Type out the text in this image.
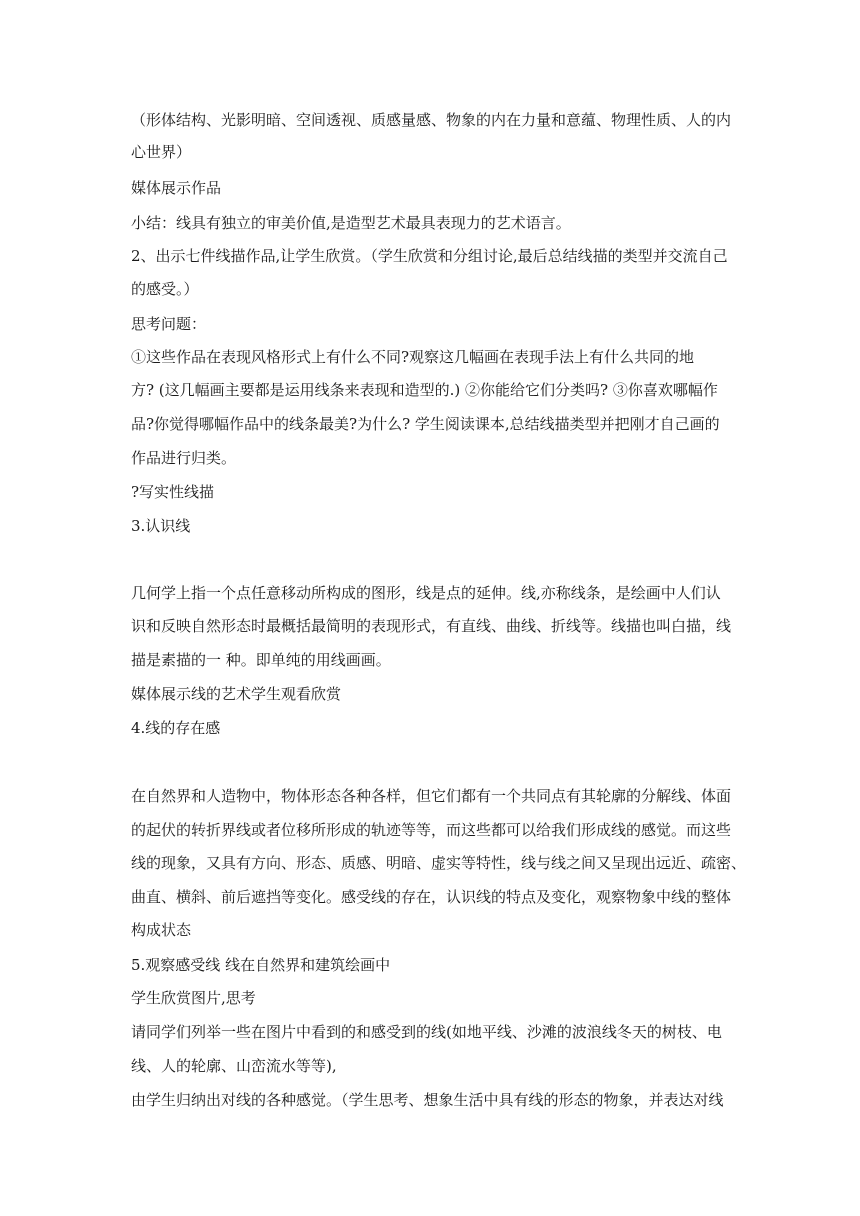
（形体结构、光影明暗、空间透视、质感量感、物象的内在力量和意蕴、物理性质、人的内
心世界）
媒体展示作品
小结：线具有独立的审美价值,是造型艺术最具表现力的艺术语言。
2、出示七件线描作品,让学生欣赏。（学生欣赏和分组讨论,最后总结线描的类型并交流自己
的感受。）
思考问题：
①这些作品在表现风格形式上有什么不同?观察这几幅画在表现手法上有什么共同的地
方? (这几幅画主要都是运用线条来表现和造型的.) ②你能给它们分类吗? ③你喜欢哪幅作
品?你觉得哪幅作品中的线条最美?为什么? 学生阅读课本,总结线描类型并把刚才自己画的
作品进行归类。
?写实性线描
3.认识线
几何学上指一个点任意移动所构成的图形，线是点的延伸。线,亦称线条，是绘画中人们认
识和反映自然形态时最概括最简明的表现形式，有直线、曲线、折线等。线描也叫白描，线
描是素描的一 种。即单纯的用线画画。
媒体展示线的艺术学生观看欣赏
4.线的存在感
在自然界和人造物中，物体形态各种各样，但它们都有一个共同点有其轮廓的分解线、体面
的起伏的转折界线或者位移所形成的轨迹等等，而这些都可以给我们形成线的感觉。而这些
线的现象，又具有方向、形态、质感、明暗、虚实等特性，线与线之间又呈现出远近、疏密、
曲直、横斜、前后遮挡等变化。感受线的存在，认识线的特点及变化，观察物象中线的整体
构成状态
5.观察感受线 线在自然界和建筑绘画中
学生欣赏图片,思考
请同学们列举一些在图片中看到的和感受到的线(如地平线、沙滩的波浪线冬天的树枝、电
线、人的轮廓、山峦流水等等),
由学生归纳出对线的各种感觉。（学生思考、想象生活中具有线的形态的物象，并表达对线
